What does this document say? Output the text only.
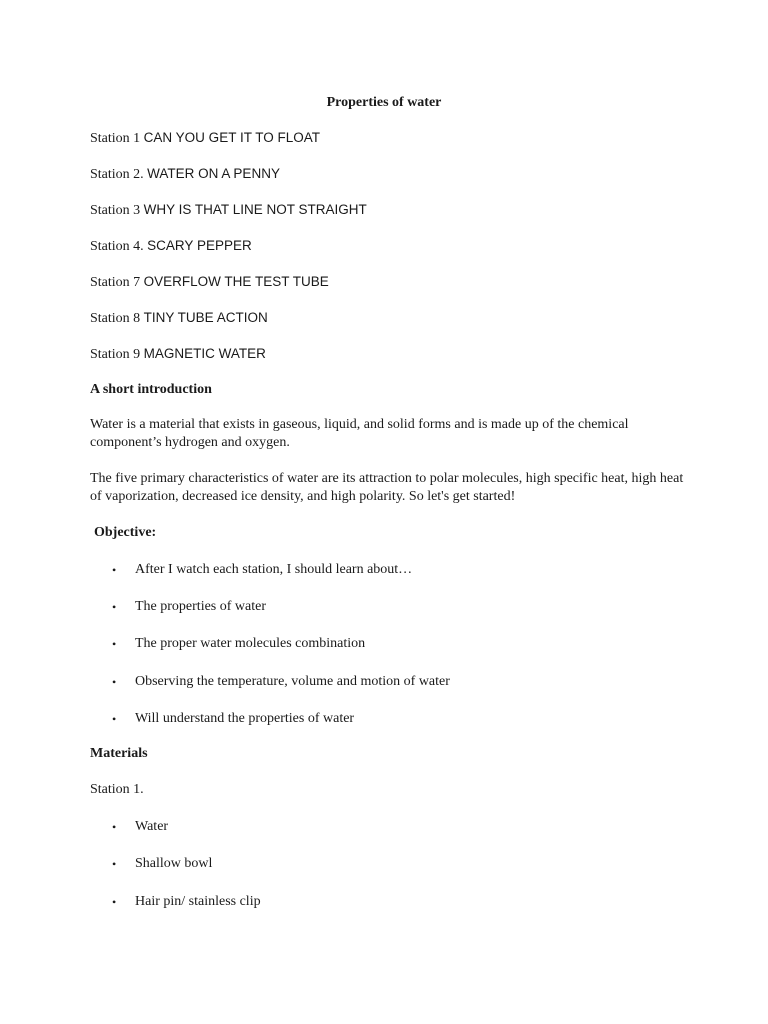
Properties of water
Station 1 CAN YOU GET IT TO FLOAT
Station 2. WATER ON A PENNY
Station 3 WHY IS THAT LINE NOT STRAIGHT
Station 4. SCARY PEPPER
Station 7 OVERFLOW THE TEST TUBE
Station 8 TINY TUBE ACTION
Station 9 MAGNETIC WATER
A short introduction
Water is a material that exists in gaseous, liquid, and solid forms and is made up of the chemical component’s hydrogen and oxygen.
The five primary characteristics of water are its attraction to polar molecules, high specific heat, high heat of vaporization, decreased ice density, and high polarity. So let's get started!
Objective:
• After I watch each station, I should learn about…
• The properties of water
• The proper water molecules combination
• Observing the temperature, volume and motion of water
• Will understand the properties of water
Materials
Station 1.
• Water
• Shallow bowl
• Hair pin/ stainless clip
